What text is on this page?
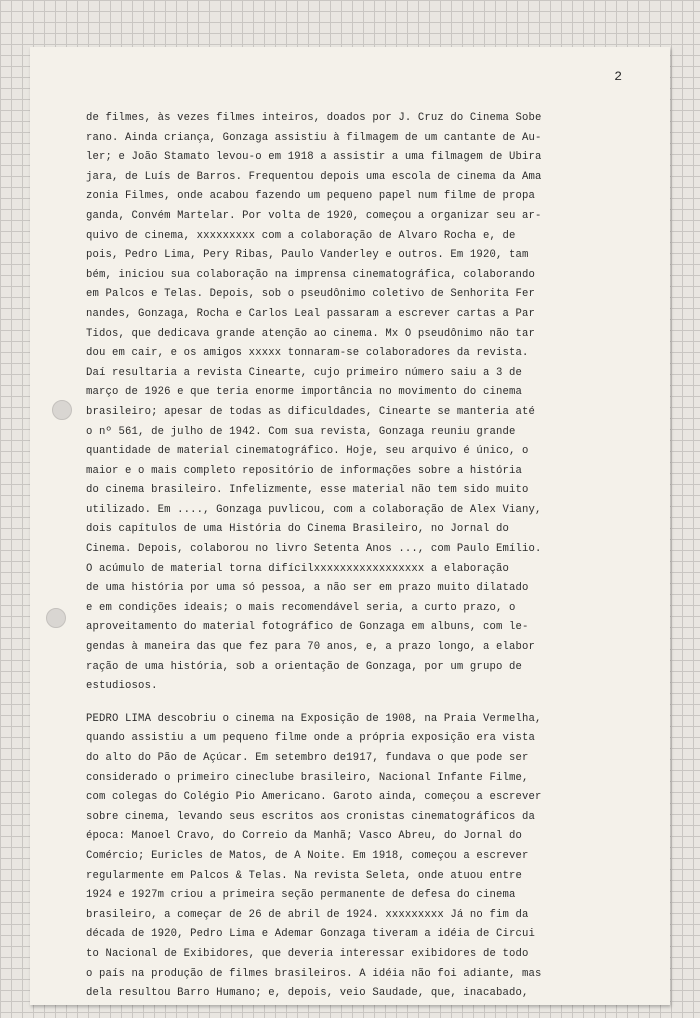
2
de filmes, às vezes filmes inteiros, doados por J. Cruz do Cinema Sobe
rano. Ainda criança, Gonzaga assistiu à filmagem de um cantante de Au-
ler; e João Stamato levou-o em 1918 a assistir a uma filmagem de Ubira
jara, de Luís de Barros. Frequentou depois uma escola de cinema da Ama
zonia Filmes, onde acabou fazendo um pequeno papel num filme de propa
ganda, Convém Martelar. Por volta de 1920, começou a organizar seu ar-
quivo de cinema, xxxxxxxxx com a colaboração de Alvaro Rocha e, de
pois, Pedro Lima, Pery Ribas, Paulo Vanderley e outros. Em 1920, tam
bém, iniciou sua colaboração na imprensa cinematográfica, colaborando
em Palcos e Telas. Depois, sob o pseudônimo coletivo de Senhorita Fer
nandes, Gonzaga, Rocha e Carlos Leal passaram a escrever cartas a Par
Tidos, que dedicava grande atenção ao cinema. Mx O pseudônimo não tar
dou em cair, e os amigos xxxxx tonnaram-se colaboradores da revista.
Daí resultaria a revista Cinearte, cujo primeiro número saiu a 3 de
março de 1926 e que teria enorme importância no movimento do cinema
brasileiro; apesar de todas as dificuldades, Cinearte se manteria até
o nº 561, de julho de 1942. Com sua revista, Gonzaga reuniu grande
quantidade de material cinematográfico. Hoje, seu arquivo é único, o
maior e o mais completo repositório de informações sobre a história
do cinema brasileiro. Infelizmente, esse material não tem sido muito
utilizado. Em ...., Gonzaga puvlicou, com a colaboração de Alex Viany,
dois capítulos de uma História do Cinema Brasileiro, no Jornal do
Cinema. Depois, colaborou no livro Setenta Anos ..., com Paulo Emílio.
O acúmulo de material torna difícilxxxxxxxxxxxxxxxxx a elaboração
de uma história por uma só pessoa, a não ser em prazo muito dilatado
e em condições ideais; o mais recomendável seria, a curto prazo, o
aproveitamento do material fotográfico de Gonzaga em albuns, com le-
gendas à maneira das que fez para 70 anos, e, a prazo longo, a elabor
ração de uma história, sob a orientação de Gonzaga, por um grupo de
estudiosos.
PEDRO LIMA descobriu o cinema na Exposição de 1908, na Praia Vermelha,
quando assistiu a um pequeno filme onde a própria exposição era vista
do alto do Pão de Açúcar. Em setembro de1917, fundava o que pode ser
considerado o primeiro cineclube brasileiro, Nacional Infante Filme,
com colegas do Colégio Pio Americano. Garoto ainda, começou a escrever
sobre cinema, levando seus escritos aos cronistas cinematográficos da
época: Manoel Cravo, do Correio da Manhã; Vasco Abreu, do Jornal do
Comércio; Euricles de Matos, de A Noite. Em 1918, começou a escrever
regularmente em Palcos & Telas. Na revista Seleta, onde atuou entre
1924 e 1927m criou a primeira seção permanente de defesa do cinema
brasileiro, a começar de 26 de abril de 1924. xxxxxxxxx Já no fim da
década de 1920, Pedro Lima e Ademar Gonzaga tiveram a idéia de Circui
to Nacional de Exibidores, que deveria interessar exibidores de todo
o país na produção de filmes brasileiros. A idéia não foi adiante, mas
dela resultou Barro Humano; e, depois, veio Saudade, que, inacabado,
